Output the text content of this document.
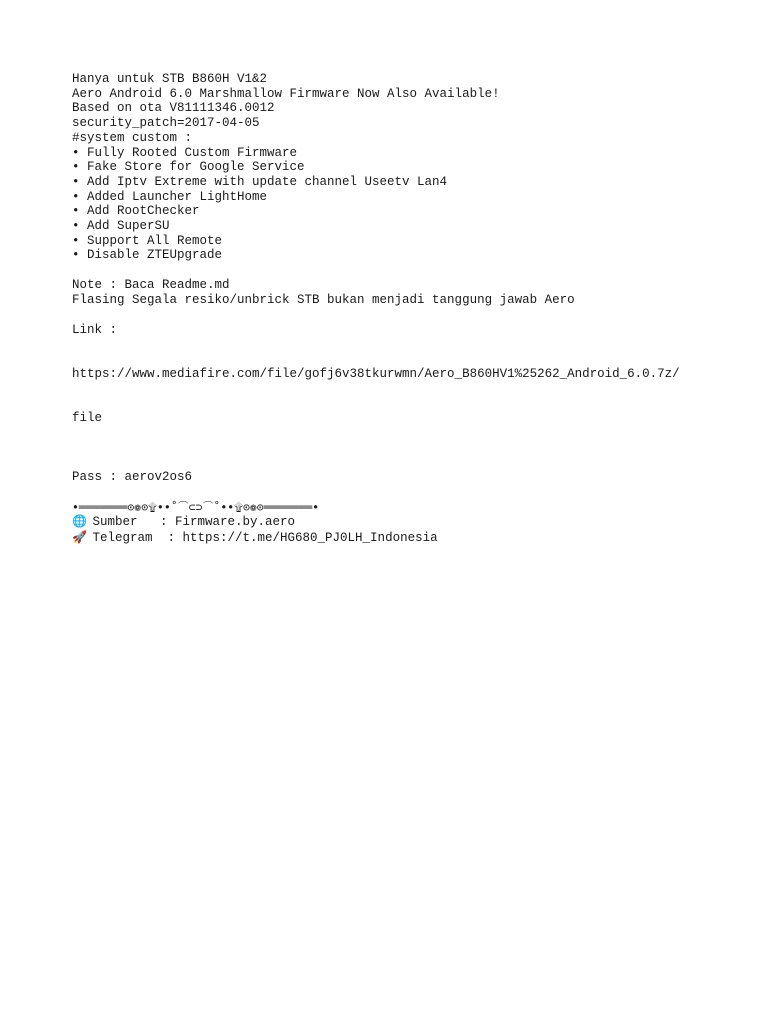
Hanya untuk STB B860H V1&2
Aero Android 6.0 Marshmallow Firmware Now Also Available!
Based on ota V81111346.0012
security_patch=2017-04-05
#system custom :
• Fully Rooted Custom Firmware
• Fake Store for Google Service
• Add Iptv Extreme with update channel Useetv Lan4
• Added Launcher LightHome
• Add RootChecker
• Add SuperSU
• Support All Remote
• Disable ZTEUpgrade
Note : Baca Readme.md
Flasing Segala resiko/unbrick STB bukan menjadi tanggung jawab Aero
Link :

https://www.mediafire.com/file/gofj6v38tkurwmn/Aero_B860HV1%25262_Android_6.0.7z/

file

Pass : aerov2os6
•═══════⊙❁⊙۩••˚⁀⊂⊃⁀˚••۩⊙❁⊙═══════•
🌐 Sumber   : Firmware.by.aero
🚀 Telegram  : https://t.me/HG680_PJ0LH_Indonesia
